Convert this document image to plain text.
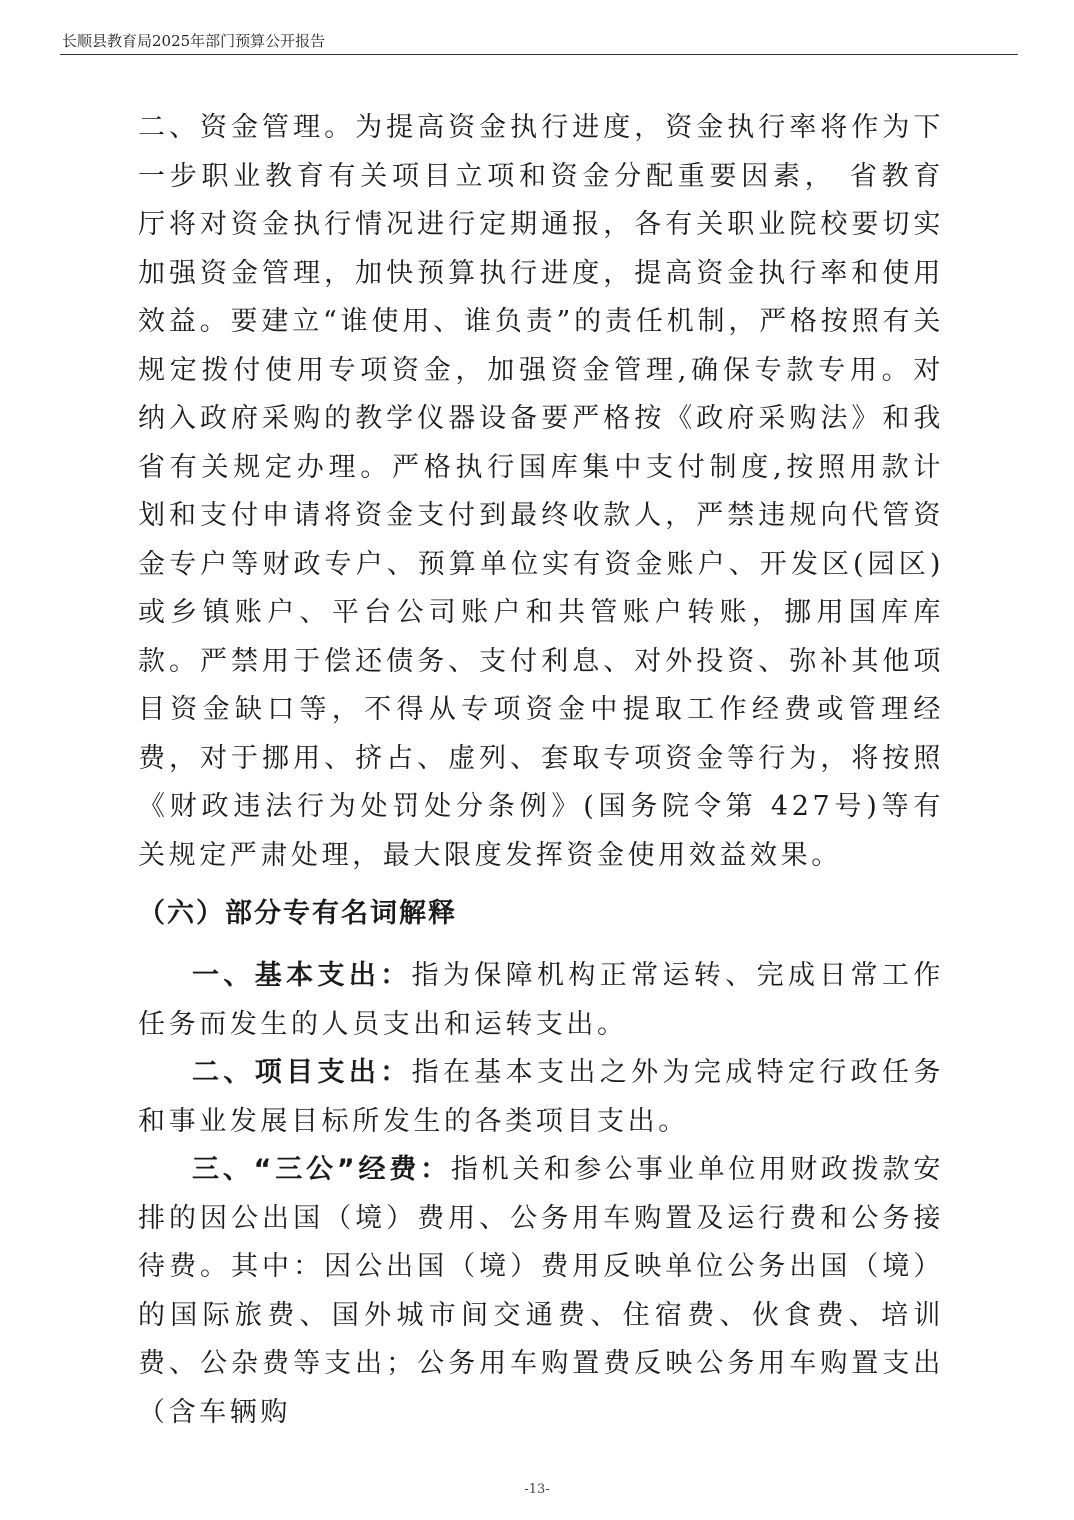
长顺县教育局2025年部门预算公开报告

二、资金管理。为提高资金执行进度，资金执行率将作为下一步职业教育有关项目立项和资金分配重要因素， 省教育厅将对资金执行情况进行定期通报，各有关职业院校要切实加强资金管理，加快预算执行进度，提高资金执行率和使用效益。要建立“谁使用、谁负责”的责任机制，严格按照有关规定拨付使用专项资金，加强资金管理,确保专款专用。对纳入政府采购的教学仪器设备要严格按《政府采购法》和我省有关规定办理。严格执行国库集中支付制度,按照用款计划和支付申请将资金支付到最终收款人，严禁违规向代管资金专户等财政专户、预算单位实有资金账户、开发区(园区)或乡镇账户、平台公司账户和共管账户转账，挪用国库库款。严禁用于偿还债务、支付利息、对外投资、弥补其他项目资金缺口等，不得从专项资金中提取工作经费或管理经费，对于挪用、挤占、虚列、套取专项资金等行为，将按照《财政违法行为处罚处分条例》(国务院令第 427号)等有关规定严肃处理，最大限度发挥资金使用效益效果。

（六）部分专有名词解释

一、基本支出：指为保障机构正常运转、完成日常工作任务而发生的人员支出和运转支出。

二、项目支出：指在基本支出之外为完成特定行政任务和事业发展目标所发生的各类项目支出。

三、“三公”经费：指机关和参公事业单位用财政拨款安排的因公出国（境）费用、公务用车购置及运行费和公务接待费。其中：因公出国（境）费用反映单位公务出国（境）的国际旅费、国外城市间交通费、住宿费、伙食费、培训费、公杂费等支出；公务用车购置费反映公务用车购置支出（含车辆购

-13-
